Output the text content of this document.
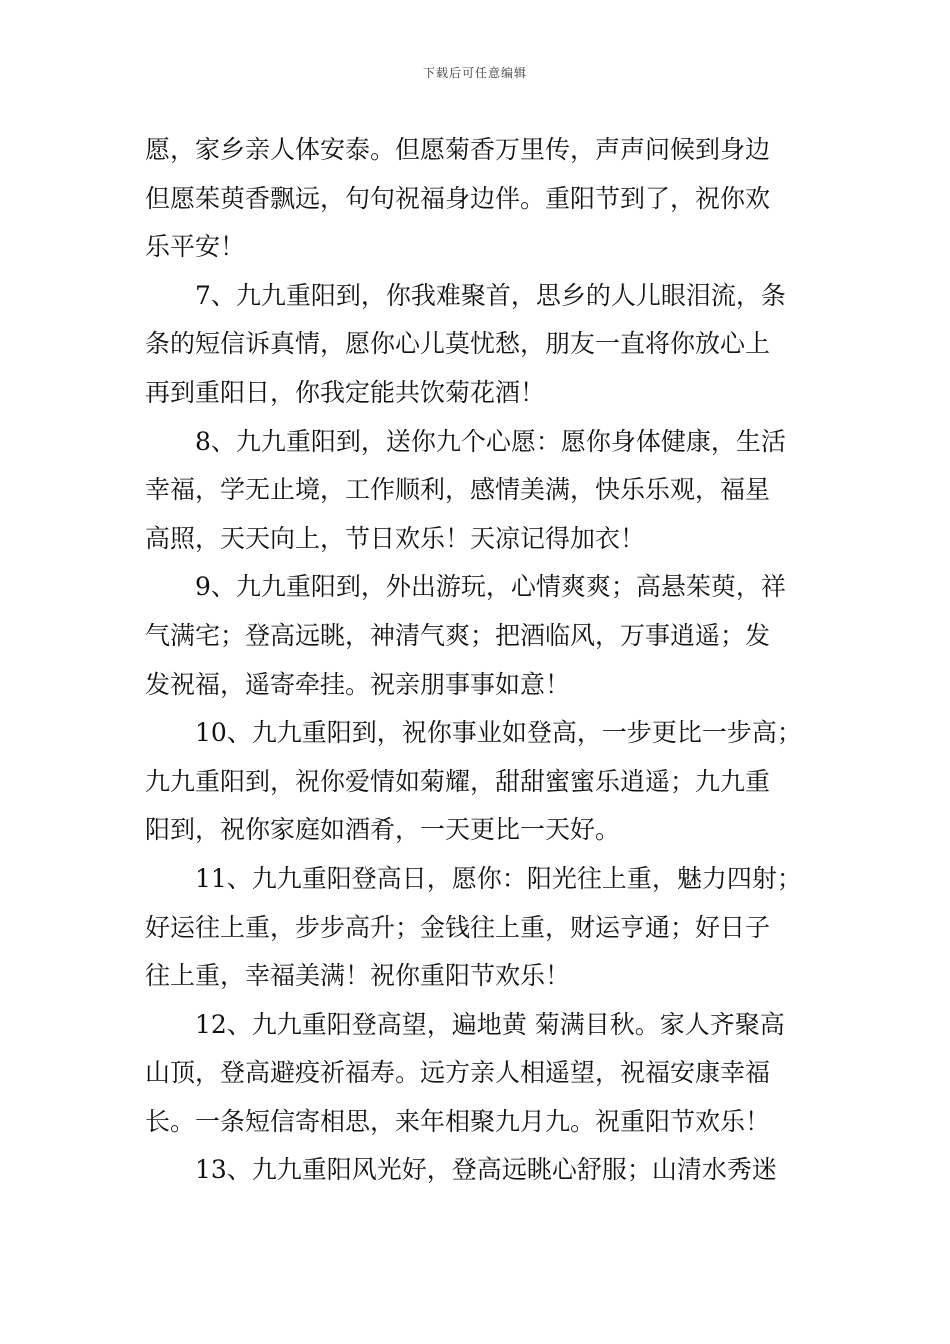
下载后可任意编辑
愿，家乡亲人体安泰。但愿菊香万里传，声声问候到身边
但愿茱萸香飘远，句句祝福身边伴。重阳节到了，祝你欢
乐平安！
7、九九重阳到，你我难聚首，思乡的人儿眼泪流，条
条的短信诉真情，愿你心儿莫忧愁，朋友一直将你放心上
再到重阳日，你我定能共饮菊花酒！
8、九九重阳到，送你九个心愿：愿你身体健康，生活
幸福，学无止境，工作顺利，感情美满，快乐乐观，福星
高照，天天向上，节日欢乐！天凉记得加衣！
9、九九重阳到，外出游玩，心情爽爽；高悬茱萸，祥
气满宅；登高远眺，神清气爽；把酒临风，万事逍遥；发
发祝福，遥寄牵挂。祝亲朋事事如意！
10、九九重阳到，祝你事业如登高，一步更比一步高；
九九重阳到，祝你爱情如菊耀，甜甜蜜蜜乐逍遥；九九重
阳到，祝你家庭如酒肴，一天更比一天好。
11、九九重阳登高日，愿你：阳光往上重，魅力四射；
好运往上重，步步高升；金钱往上重，财运亨通；好日子
往上重，幸福美满！祝你重阳节欢乐！
12、九九重阳登高望，遍地黄 菊满目秋。家人齐聚高
山顶，登高避疫祈福寿。远方亲人相遥望，祝福安康幸福
长。一条短信寄相思，来年相聚九月九。祝重阳节欢乐！
13、九九重阳风光好，登高远眺心舒服；山清水秀迷
